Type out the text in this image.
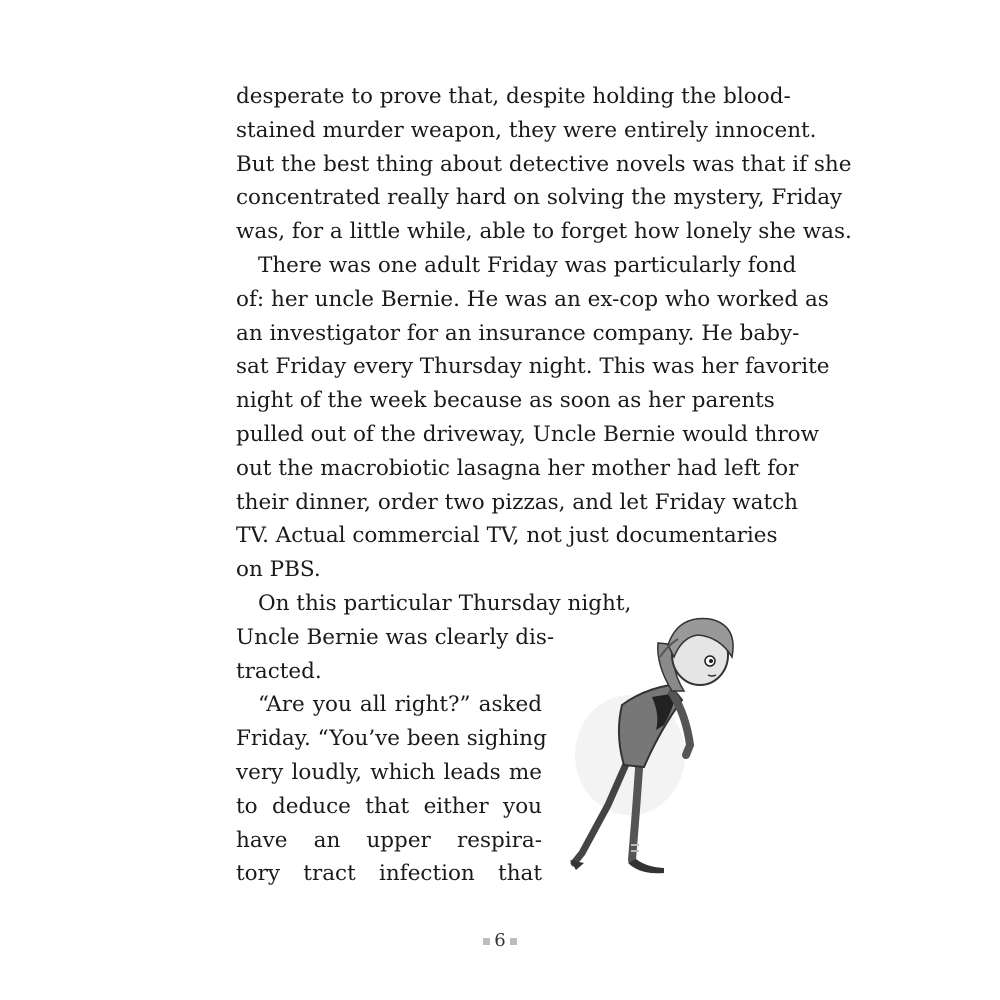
desperate to prove that, despite holding the blood-
stained murder weapon, they were entirely innocent.
But the best thing about detective novels was that if she
concentrated really hard on solving the mystery, Friday
was, for a little while, able to forget how lonely she was.
There was one adult Friday was particularly fond
of: her uncle Bernie. He was an ex-cop who worked as
an investigator for an insurance company. He baby-
sat Friday every Thursday night. This was her favorite
night of the week because as soon as her parents
pulled out of the driveway, Uncle Bernie would throw
out the macrobiotic lasagna her mother had left for
their dinner, order two pizzas, and let Friday watch
TV. Actual commercial TV, not just documentaries
on PBS.
On this particular Thursday night,
Uncle Bernie was clearly dis-
tracted.
“Are you all right?” asked
Friday. “You’ve been sighing
very loudly, which leads me
to deduce that either you
have an upper respira-
tory tract infection that
6
